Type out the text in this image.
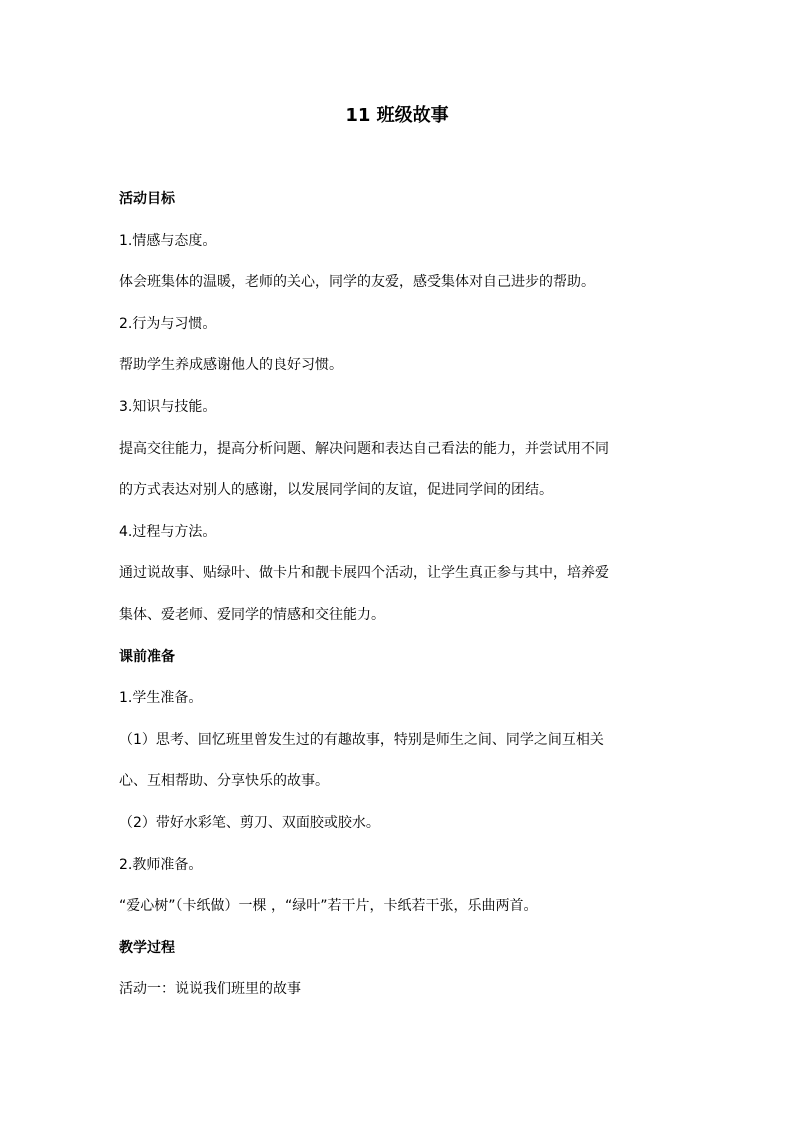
11 班级故事
活动目标
1.情感与态度。
体会班集体的温暖，老师的关心，同学的友爱，感受集体对自己进步的帮助。
2.行为与习惯。
帮助学生养成感谢他人的良好习惯。
3.知识与技能。
提高交往能力，提高分析问题、解决问题和表达自己看法的能力，并尝试用不同
的方式表达对别人的感谢，以发展同学间的友谊，促进同学间的团结。
4.过程与方法。
通过说故事、贴绿叶、做卡片和靓卡展四个活动，让学生真正参与其中，培养爱
集体、爱老师、爱同学的情感和交往能力。
课前准备
1.学生准备。
（1）思考、回忆班里曾发生过的有趣故事，特别是师生之间、同学之间互相关
心、互相帮助、分享快乐的故事。
（2）带好水彩笔、剪刀、双面胶或胶水。
2.教师准备。
“爱心树”（卡纸做）一棵 ，“绿叶”若干片，卡纸若干张，乐曲两首。
教学过程
活动一：说说我们班里的故事
